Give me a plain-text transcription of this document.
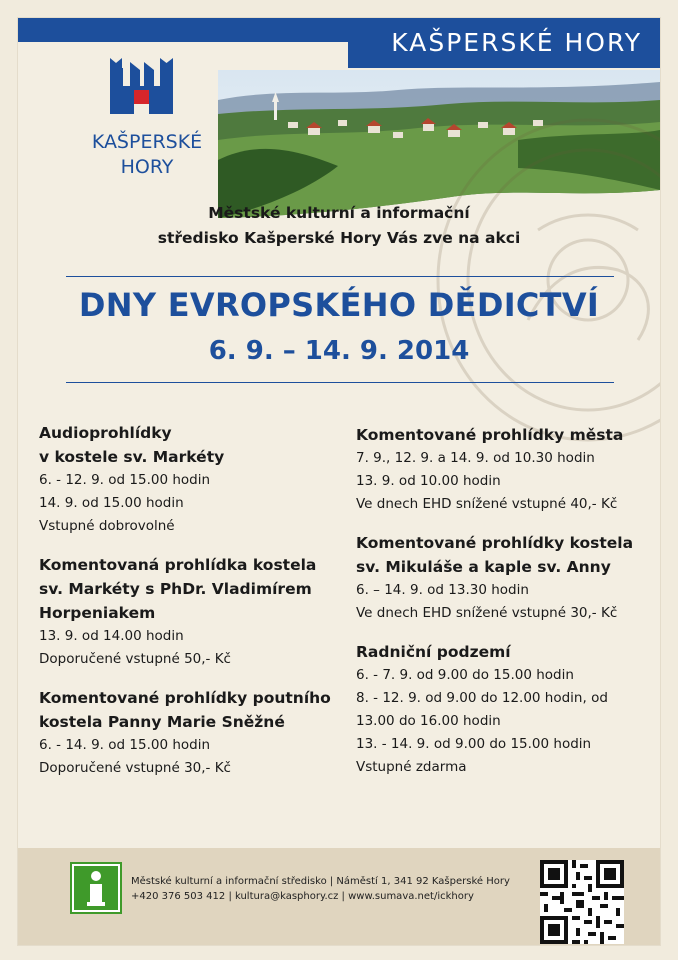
KAŠPERSKÉ HORY
KAŠPERSKÉ
HORY
Městské kulturní a informační
středisko Kašperské Hory Vás zve na akci
DNY EVROPSKÉHO DĚDICTVÍ
6. 9. – 14. 9. 2014
Audioprohlídky
v kostele sv. Markéty
6. - 12. 9. od 15.00 hodin
14. 9. od 15.00 hodin
Vstupné dobrovolné
Komentovaná prohlídka kostela
sv. Markéty s PhDr. Vladimírem
Horpeniakem
13. 9. od 14.00 hodin
Doporučené vstupné 50,- Kč
Komentované prohlídky poutního
kostela Panny Marie Sněžné
6. - 14. 9. od 15.00 hodin
Doporučené vstupné 30,- Kč
Komentované prohlídky města
7. 9., 12. 9. a 14. 9. od 10.30 hodin
13. 9. od 10.00 hodin
Ve dnech EHD snížené vstupné 40,- Kč
Komentované prohlídky kostela
sv. Mikuláše a kaple sv. Anny
6. – 14. 9. od 13.30 hodin
Ve dnech EHD snížené vstupné 30,- Kč
Radniční podzemí
6. - 7. 9. od 9.00 do 15.00 hodin
8. - 12. 9. od 9.00 do 12.00 hodin, od
13.00 do 16.00 hodin
13. - 14. 9. od 9.00 do 15.00 hodin
Vstupné zdarma
Městské kulturní a informační středisko | Náměstí 1, 341 92 Kašperské Hory
+420 376 503 412 | kultura@kasphory.cz | www.sumava.net/ickhory
